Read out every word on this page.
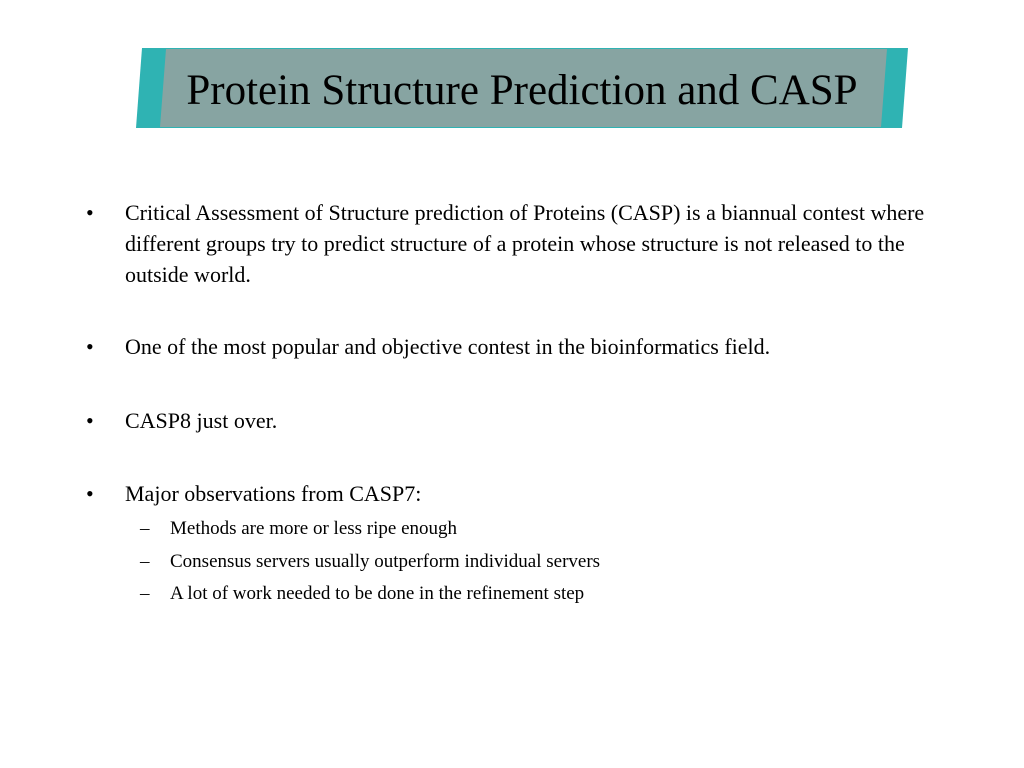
Protein Structure Prediction and CASP
• Critical Assessment of Structure prediction of Proteins (CASP) is a biannual contest where different groups try to predict structure of a protein whose structure is not released to the outside world.
• One of the most popular and objective contest in the bioinformatics field.
• CASP8 just over.
• Major observations from CASP7:
– Methods are more or less ripe enough
– Consensus servers usually outperform individual servers
– A lot of work needed to be done in the refinement step
